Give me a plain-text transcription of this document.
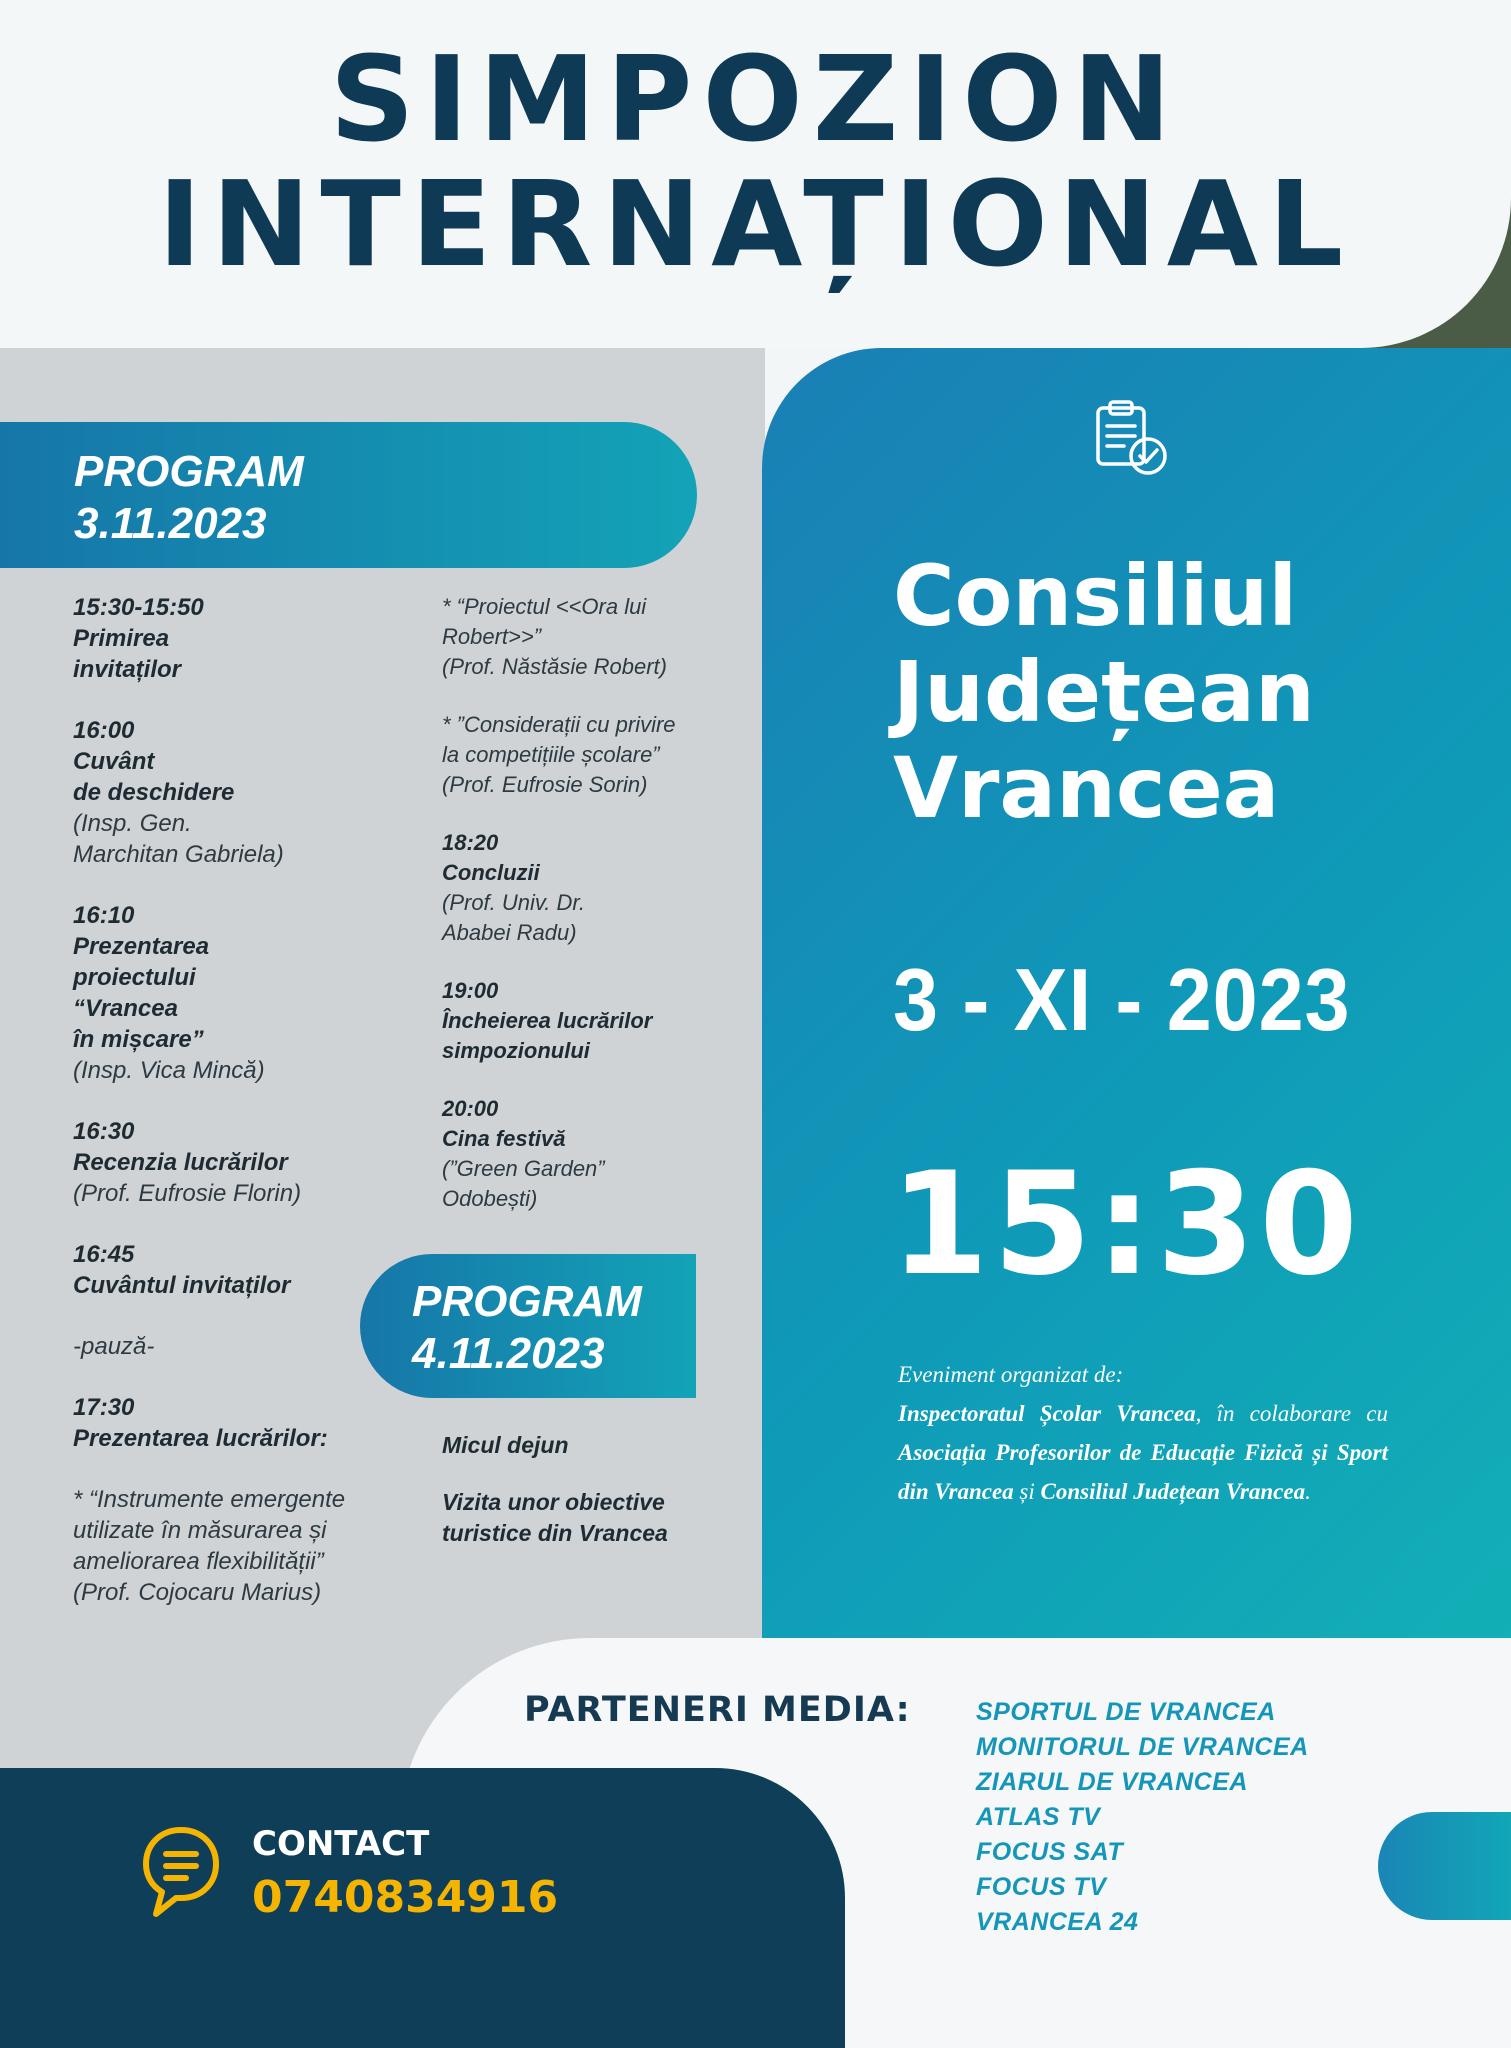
SIMPOZION
INTERNAȚIONAL
PROGRAM
3.11.2023
15:30-15:50
Primirea
invitaților
16:00
Cuvânt
de deschidere
(Insp. Gen.
Marchitan Gabriela)
16:10
Prezentarea
proiectului
“Vrancea
în mișcare”
(Insp. Vica Mincă)
16:30
Recenzia lucrărilor
(Prof. Eufrosie Florin)
16:45
Cuvântul invitaților
-pauză-
17:30
Prezentarea lucrărilor:
* “Instrumente emergente
utilizate în măsurarea și
ameliorarea flexibilității”
(Prof. Cojocaru Marius)
* “Proiectul <<Ora lui
Robert>>”
(Prof. Năstăsie Robert)
* ”Considerații cu privire
la competițiile școlare”
(Prof. Eufrosie Sorin)
18:20
Concluzii
(Prof. Univ. Dr.
Ababei Radu)
19:00
Încheierea lucrărilor
simpozionului
20:00
Cina festivă
(”Green Garden”
Odobești)
PROGRAM
4.11.2023
Micul dejun
Vizita unor obiective
turistice din Vrancea
Consiliul
Județean
Vrancea
3 - XI - 2023
15:30
Eveniment organizat de:
Inspectoratul Școlar Vrancea, în colaborare cu Asociația Profesorilor de Educație Fizică și Sport din Vrancea și Consiliul Județean Vrancea.
PARTENERI MEDIA:	SPORTUL DE VRANCEA
MONITORUL DE VRANCEA
ZIARUL DE VRANCEA
ATLAS TV
FOCUS SAT
FOCUS TV
VRANCEA 24
CONTACT
0740834916
